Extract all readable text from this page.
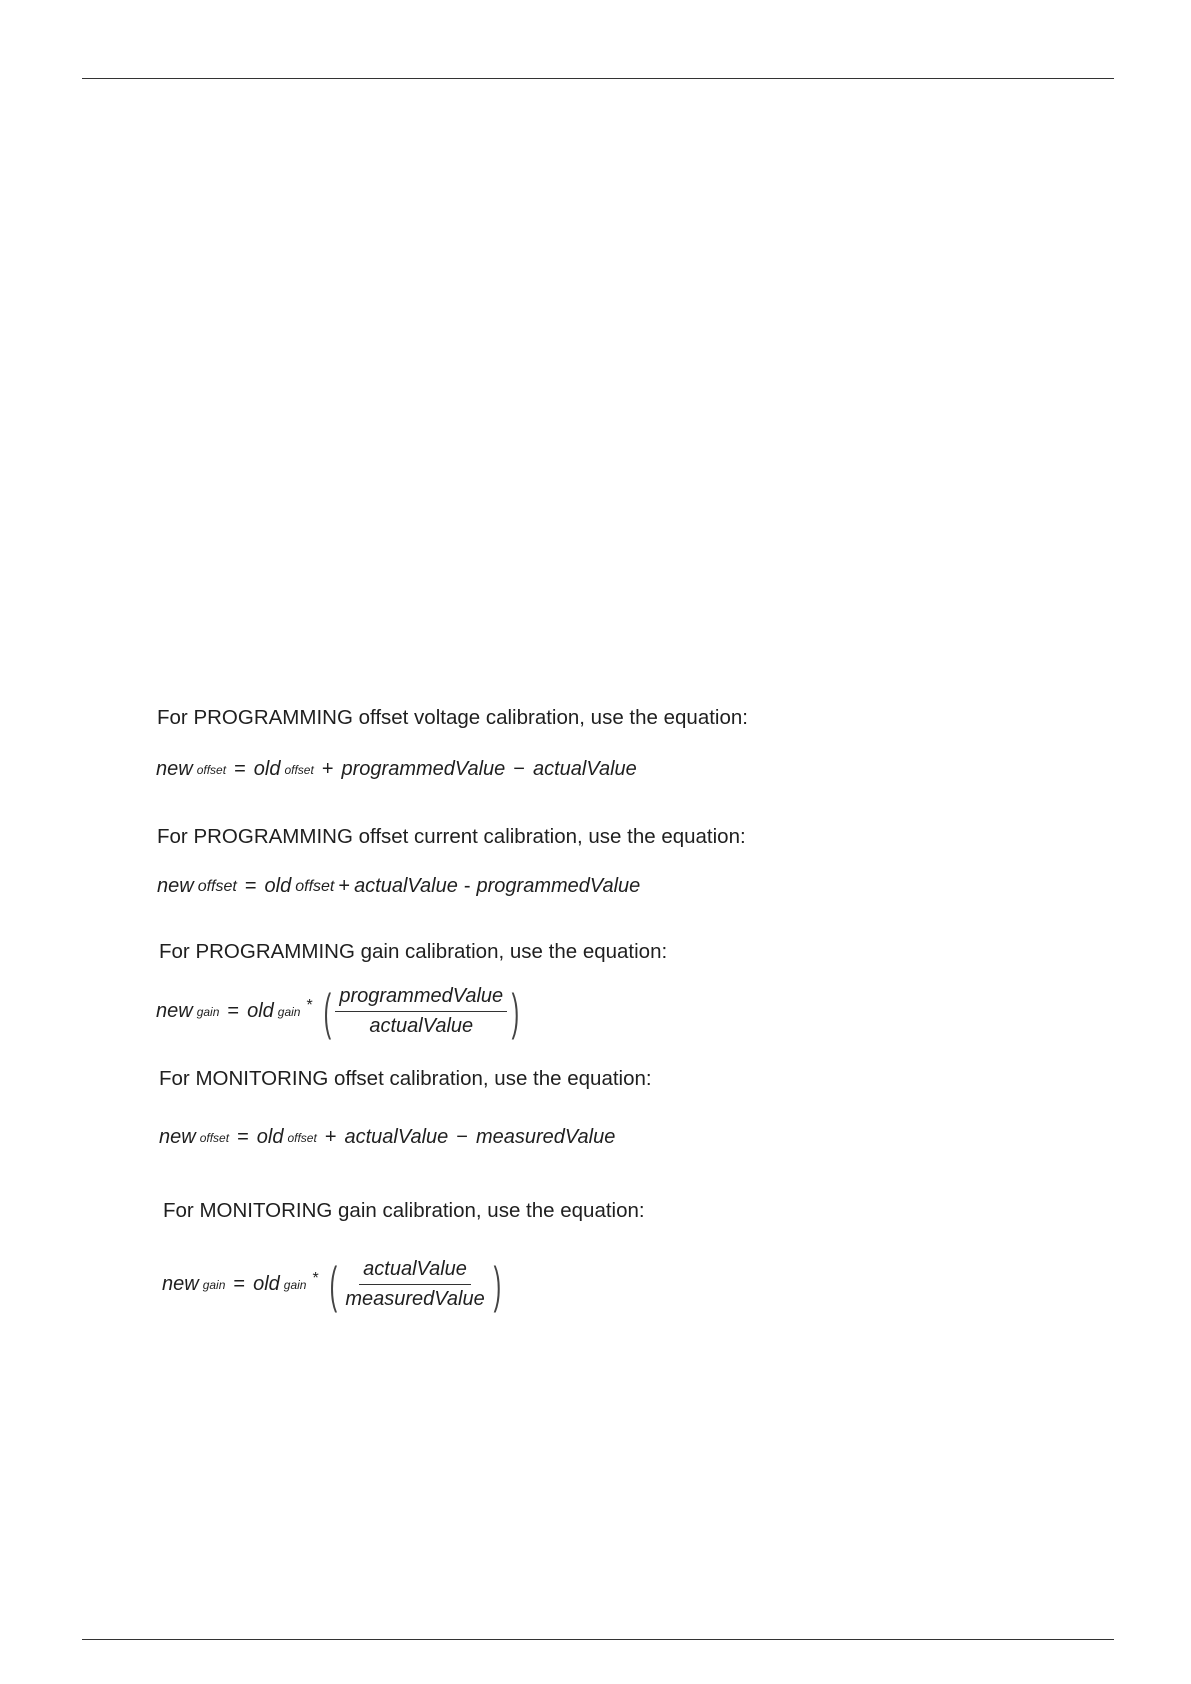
For PROGRAMMING offset voltage calibration, use the equation:
new offset = old offset + programmedValue − actualValue
For PROGRAMMING offset current calibration, use the equation:
new offset = old offset + actualValue - programmedValue
For PROGRAMMING gain calibration, use the equation:
new gain = old gain * ( $\frac{\text{programmedValue}}{\text{actualValue}}$ )
For MONITORING offset calibration, use the equation:
new offset = old offset + actualValue − measuredValue
For MONITORING gain calibration, use the equation:
new gain = old gain * ( $\frac{\text{actualValue}}{\text{measuredValue}}$ )
